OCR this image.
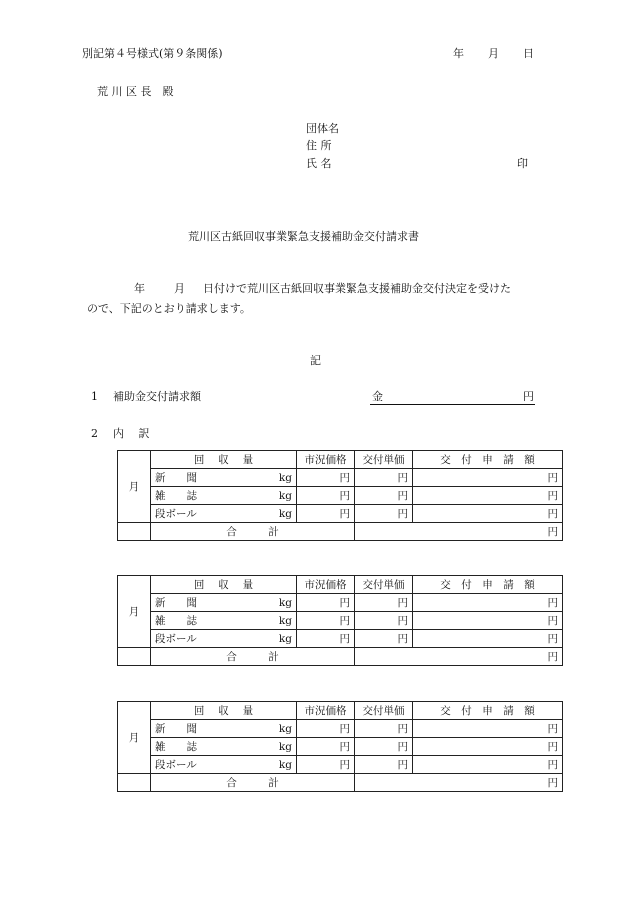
別記第４号様式(第９条関係)	年 月 日
荒 川 区 長　殿
団体名
住 所
氏 名	印
荒川区古紙回収事業緊急支援補助金交付請求書
年	月 日付けで荒川区古紙回収事業緊急支援補助金交付決定を受けた
ので、下記のとおり請求します。
記
1 補助金交付請求額	金	円
2 内　 訳
月	回　 収　 量	市況価格	交付単価	交　付　申　請　額
	新　　聞 kg	円	円	円
	雑　　誌 kg	円	円	円
	段ボール kg	円	円	円
	合　　　計		円	
月	回　 収　 量	市況価格	交付単価	交　付　申　請　額
	新　　聞 kg	円	円	円
	雑　　誌 kg	円	円	円
	段ボール kg	円	円	円
	合　　　計		円	
月	回　 収　 量	市況価格	交付単価	交　付　申　請　額
	新　　聞 kg	円	円	円
	雑　　誌 kg	円	円	円
	段ボール kg	円	円	円
	合　　　計		円	
